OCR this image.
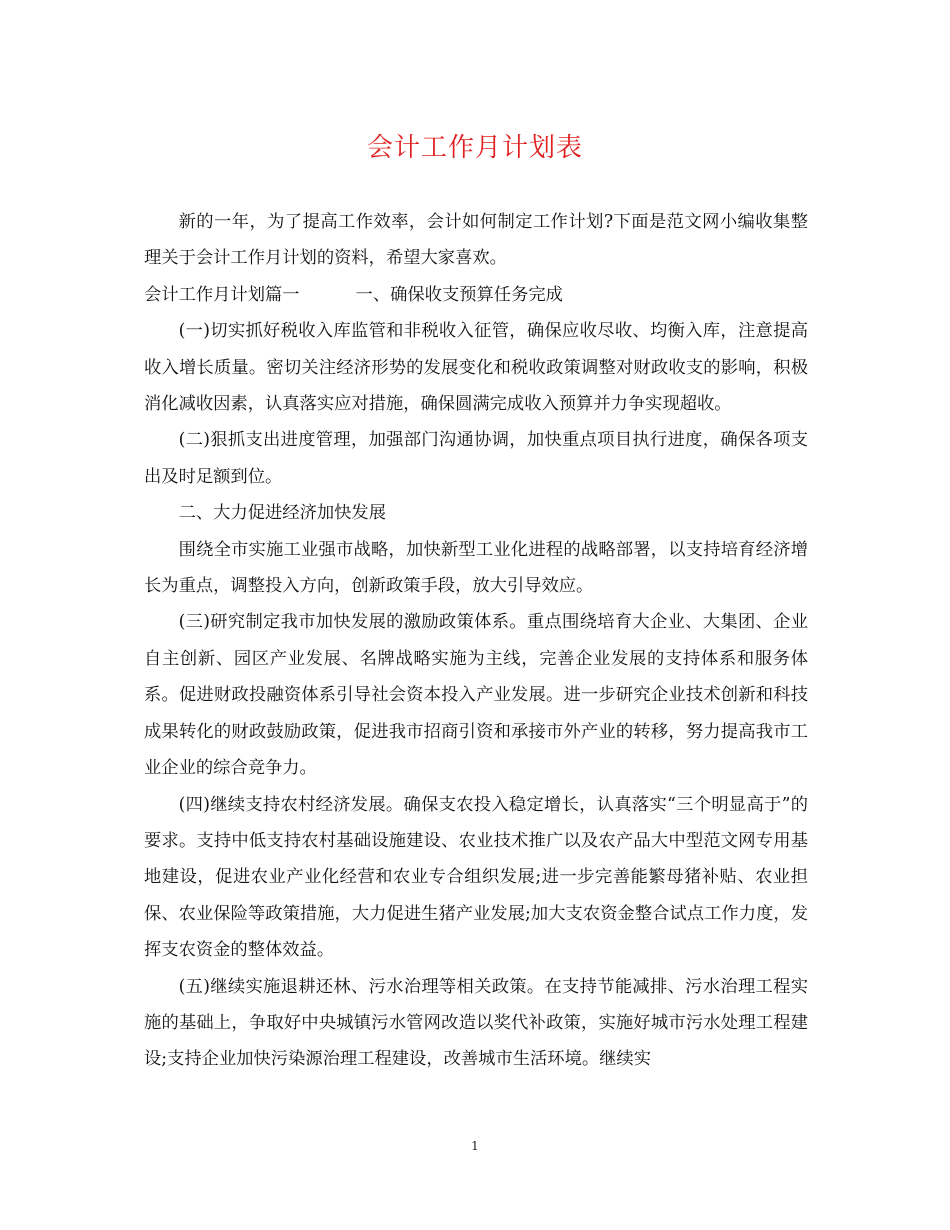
会计工作月计划表

新的一年，为了提高工作效率，会计如何制定工作计划?下面是范文网小编收集整理关于会计工作月计划的资料，希望大家喜欢。

会计工作月计划篇一	一、确保收支预算任务完成

(一)切实抓好税收入库监管和非税收入征管，确保应收尽收、均衡入库，注意提高收入增长质量。密切关注经济形势的发展变化和税收政策调整对财政收支的影响，积极消化减收因素，认真落实应对措施，确保圆满完成收入预算并力争实现超收。

(二)狠抓支出进度管理，加强部门沟通协调，加快重点项目执行进度，确保各项支出及时足额到位。

二、大力促进经济加快发展

围绕全市实施工业强市战略，加快新型工业化进程的战略部署，以支持培育经济增长为重点，调整投入方向，创新政策手段，放大引导效应。

(三)研究制定我市加快发展的激励政策体系。重点围绕培育大企业、大集团、企业自主创新、园区产业发展、名牌战略实施为主线，完善企业发展的支持体系和服务体系。促进财政投融资体系引导社会资本投入产业发展。进一步研究企业技术创新和科技成果转化的财政鼓励政策，促进我市招商引资和承接市外产业的转移，努力提高我市工业企业的综合竞争力。

(四)继续支持农村经济发展。确保支农投入稳定增长，认真落实“三个明显高于”的要求。支持中低支持农村基础设施建设、农业技术推广以及农产品大中型范文网专用基地建设，促进农业产业化经营和农业专合组织发展;进一步完善能繁母猪补贴、农业担保、农业保险等政策措施，大力促进生猪产业发展;加大支农资金整合试点工作力度，发挥支农资金的整体效益。

(五)继续实施退耕还林、污水治理等相关政策。在支持节能减排、污水治理工程实施的基础上，争取好中央城镇污水管网改造以奖代补政策，实施好城市污水处理工程建设;支持企业加快污染源治理工程建设，改善城市生活环境。继续实

1
